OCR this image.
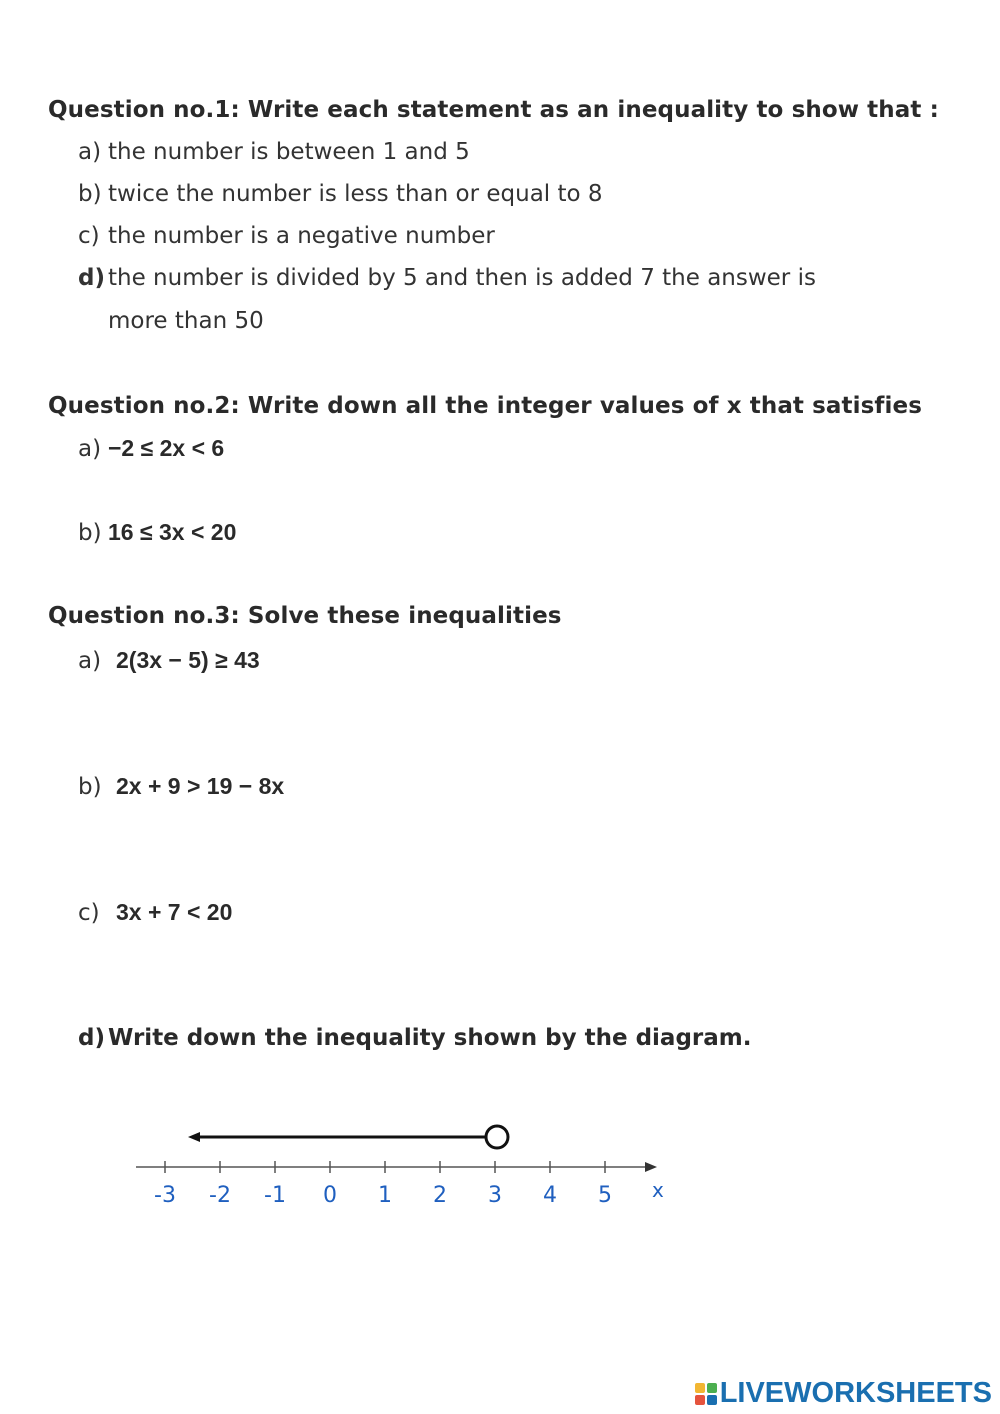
Question no.1: Write each statement as an inequality to show that :
a) the number is between 1 and 5
b) twice the number is less than or equal to 8
c) the number is a negative number
d) the number is divided by 5 and then is added 7 the answer is
more than 50
Question no.2: Write down all the integer values of x that satisfies
a) −2 ≤ 2x < 6
b) 16 ≤ 3x < 20
Question no.3: Solve these inequalities
a) 2(3x − 5) ≥ 43
b) 2x + 9 > 19 − 8x
c) 3x + 7 < 20
d) Write down the inequality shown by the diagram.
-3 -2 -1 0 1 2 3 4 5 x
LIVEWORKSHEETS
